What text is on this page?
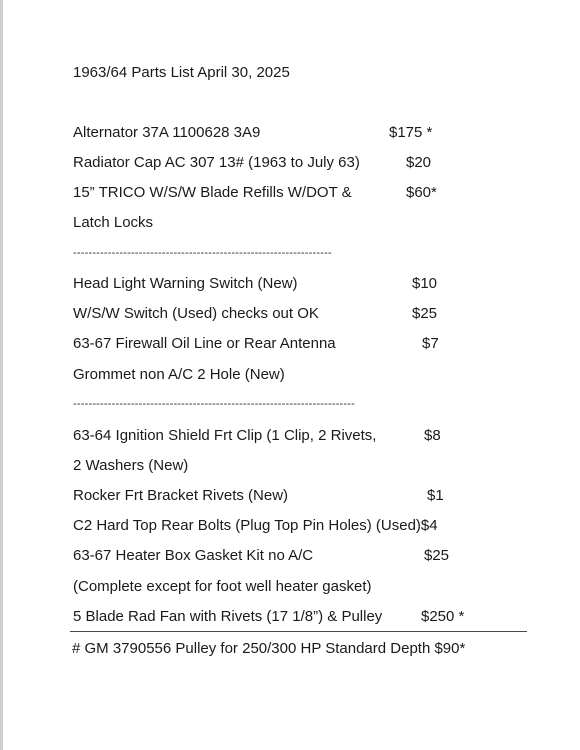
1963/64 Parts List April 30, 2025
Alternator 37A 1100628 3A9	$175 *
Radiator Cap AC 307 13# (1963 to July 63)	$20
15” TRICO W/S/W Blade Refills W/DOT &	$60*
Latch Locks
-------------------------------------------------------------------
Head Light Warning Switch (New)	$10
W/S/W Switch (Used) checks out OK	$25
63-67 Firewall Oil Line or Rear Antenna	$7
Grommet non A/C 2 Hole (New)
-------------------------------------------------------------------------
63-64 Ignition Shield Frt Clip (1 Clip, 2 Rivets,	$8
2 Washers (New)
Rocker Frt Bracket Rivets (New)	$1
C2 Hard Top Rear Bolts (Plug Top Pin Holes) (Used)$4
63-67 Heater Box Gasket Kit no A/C	$25
(Complete except for foot well heater gasket)
5 Blade Rad Fan with Rivets (17 1/8”) & Pulley	$250 *
# GM 3790556 Pulley for 250/300 HP Standard Depth $90*
